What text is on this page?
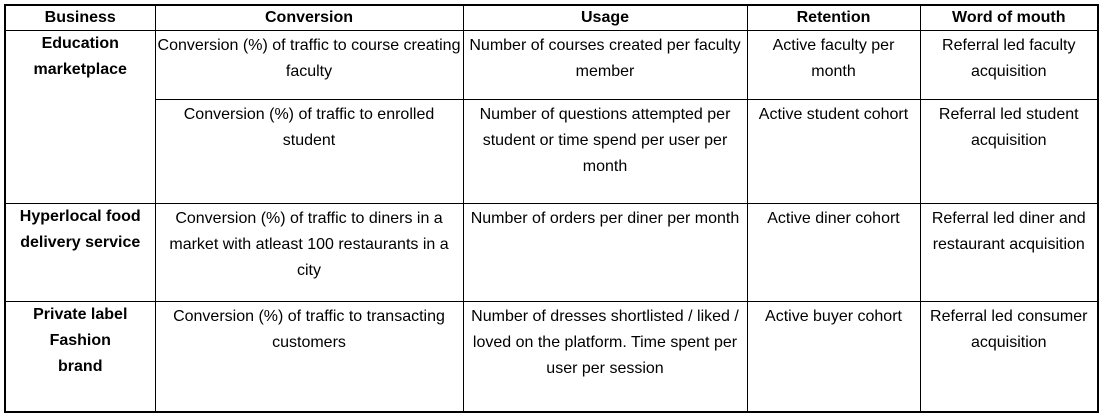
Business	Conversion	Usage	Retention	Word of mouth
Education marketplace	Conversion (%) of traffic to course creating faculty	Number of courses created per faculty member	Active faculty per month	Referral led faculty acquisition
	Conversion (%) of traffic to enrolled student	Number of questions attempted per student or time spend per user per month	Active student cohort	Referral led student acquisition
Hyperlocal food delivery service	Conversion (%) of traffic to diners in a market with atleast 100 restaurants in a city	Number of orders per diner per month	Active diner cohort	Referral led diner and restaurant acquisition
Private label Fashion brand	Conversion (%) of traffic to transacting customers	Number of dresses shortlisted / liked / loved on the platform. Time spent per user per session	Active buyer cohort	Referral led consumer acquisition
